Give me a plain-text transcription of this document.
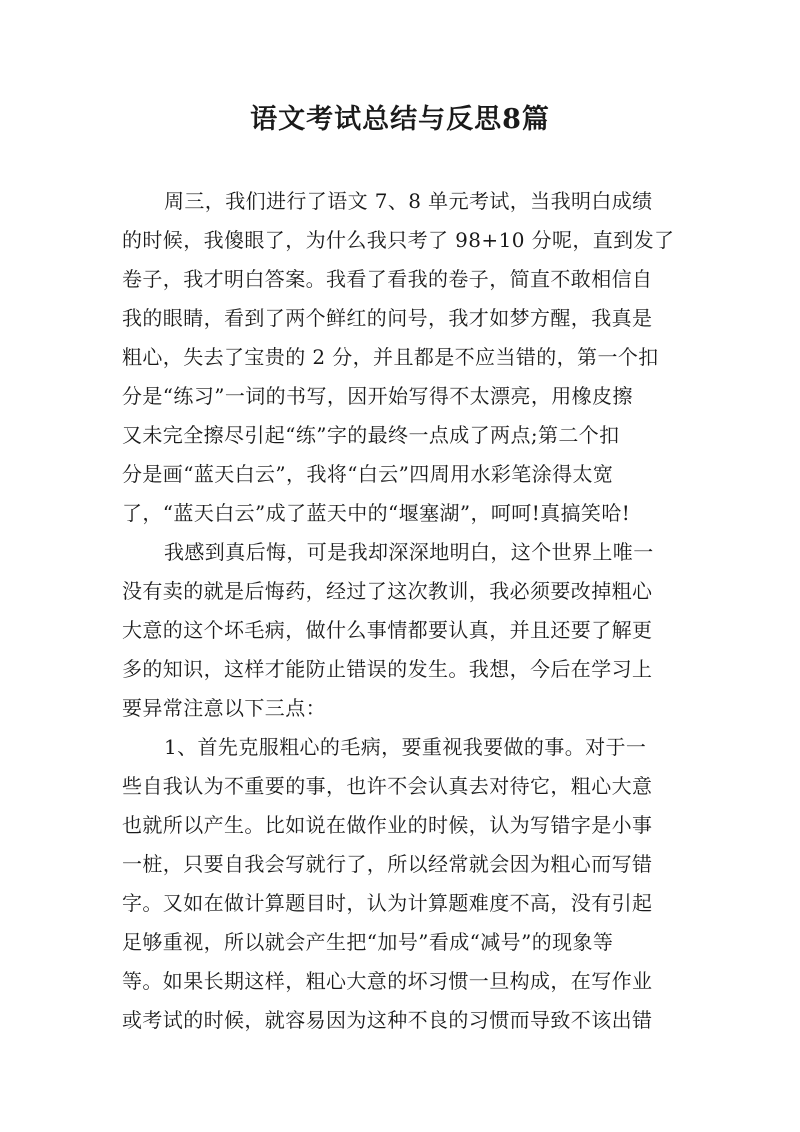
语文考试总结与反思8篇
周三，我们进行了语文 7、8 单元考试，当我明白成绩
的时候，我傻眼了，为什么我只考了 98+10 分呢，直到发了
卷子，我才明白答案。我看了看我的卷子，简直不敢相信自
我的眼睛，看到了两个鲜红的问号，我才如梦方醒，我真是
粗心，失去了宝贵的 2 分，并且都是不应当错的，第一个扣
分是“练习”一词的书写，因开始写得不太漂亮，用橡皮擦
又未完全擦尽引起“练”字的最终一点成了两点;第二个扣
分是画“蓝天白云”，我将“白云”四周用水彩笔涂得太宽
了，“蓝天白云”成了蓝天中的“堰塞湖”，呵呵!真搞笑哈!
我感到真后悔，可是我却深深地明白，这个世界上唯一
没有卖的就是后悔药，经过了这次教训，我必须要改掉粗心
大意的这个坏毛病，做什么事情都要认真，并且还要了解更
多的知识，这样才能防止错误的发生。我想，今后在学习上
要异常注意以下三点：
1、首先克服粗心的毛病，要重视我要做的事。对于一
些自我认为不重要的事，也许不会认真去对待它，粗心大意
也就所以产生。比如说在做作业的时候，认为写错字是小事
一桩，只要自我会写就行了，所以经常就会因为粗心而写错
字。又如在做计算题目时，认为计算题难度不高，没有引起
足够重视，所以就会产生把“加号”看成“减号”的现象等
等。如果长期这样，粗心大意的坏习惯一旦构成，在写作业
或考试的时候，就容易因为这种不良的习惯而导致不该出错
